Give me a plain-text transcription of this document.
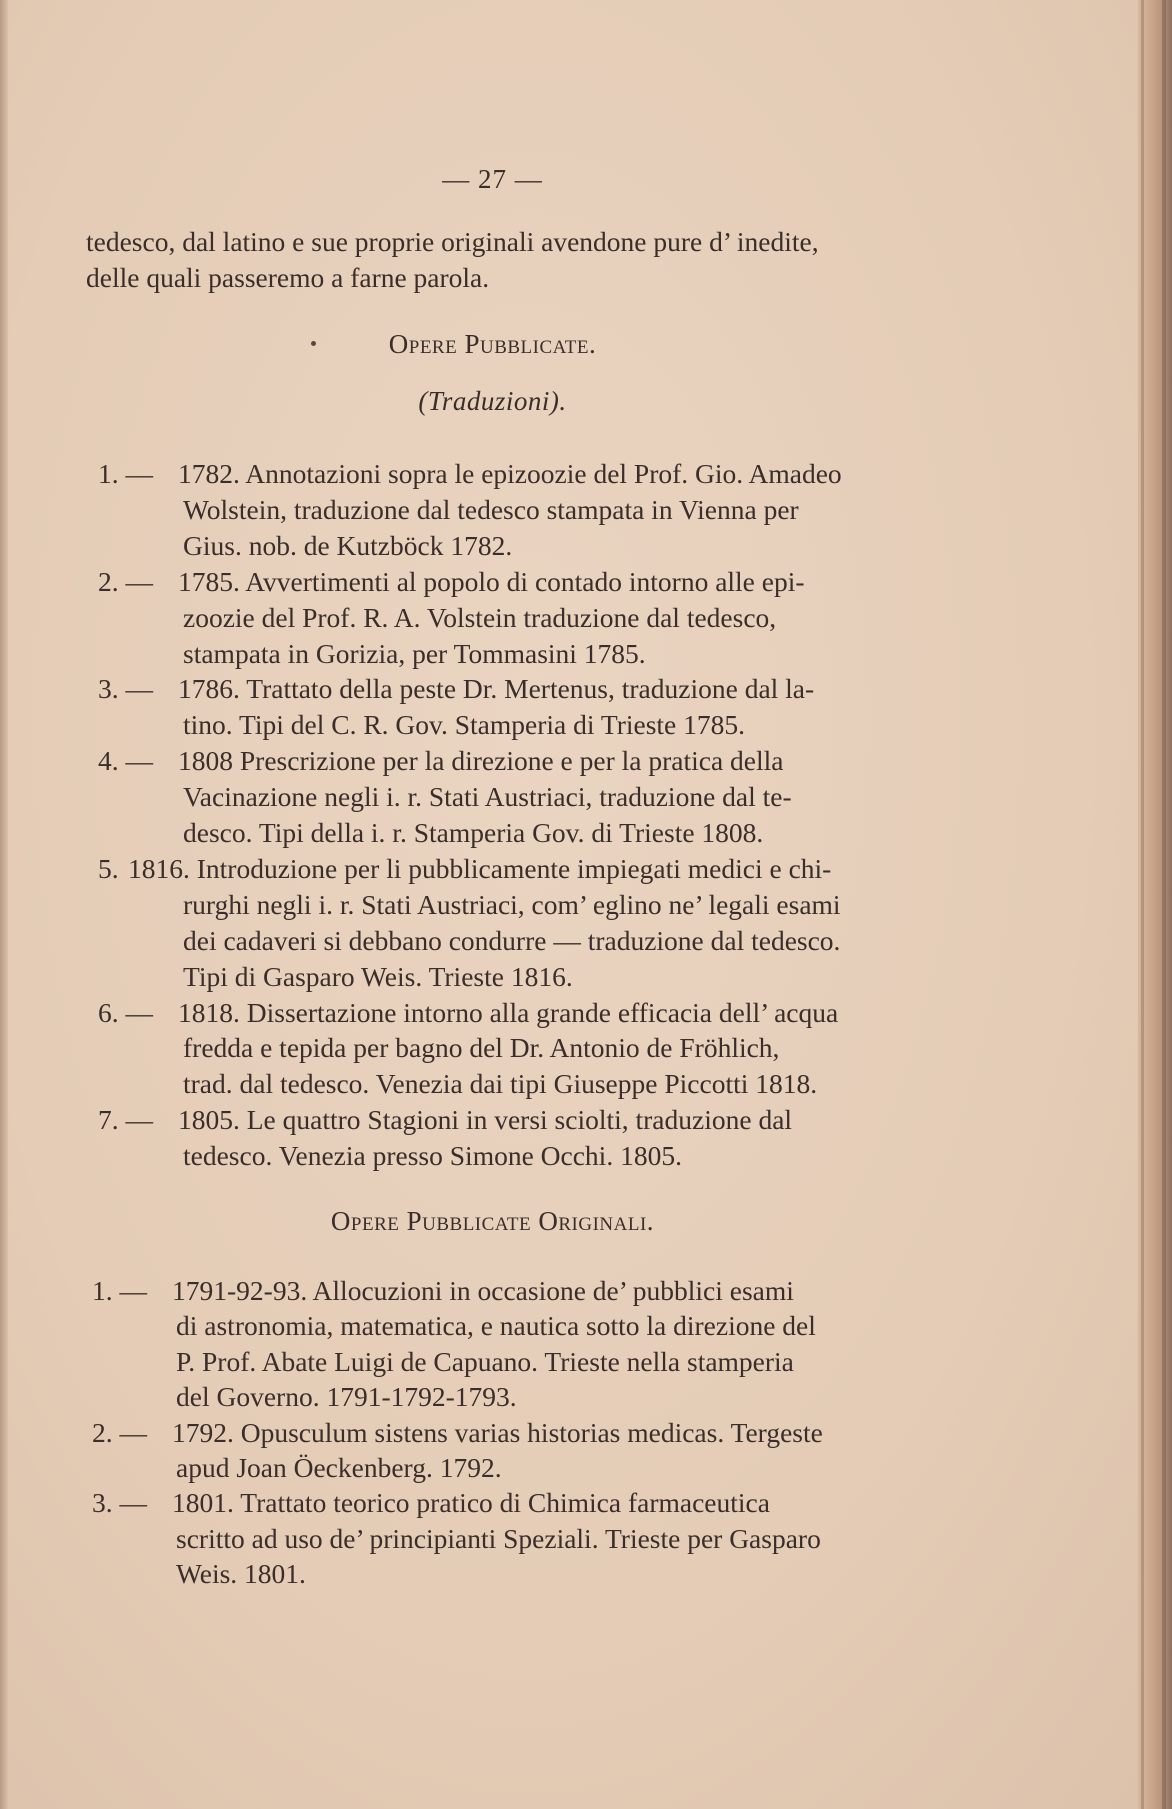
— 27 —
tedesco, dal latino e sue proprie originali avendone pure d’ inedite,
delle quali passeremo a farne parola.
Opere Pubblicate.
(Traduzioni).
1. — 1782. Annotazioni sopra le epizoozie del Prof. Gio. Amadeo
Wolstein, traduzione dal tedesco stampata in Vienna per
Gius. nob. de Kutzböck 1782.
2. — 1785. Avvertimenti al popolo di contado intorno alle epi-
zoozie del Prof. R. A. Volstein traduzione dal tedesco,
stampata in Gorizia, per Tommasini 1785.
3. — 1786. Trattato della peste Dr. Mertenus, traduzione dal la-
tino. Tipi del C. R. Gov. Stamperia di Trieste 1785.
4. — 1808 Prescrizione per la direzione e per la pratica della
Vacinazione negli i. r. Stati Austriaci, traduzione dal te-
desco. Tipi della i. r. Stamperia Gov. di Trieste 1808.
5. 1816. Introduzione per li pubblicamente impiegati medici e chi-
rurghi negli i. r. Stati Austriaci, com’ eglino ne’ legali esami
dei cadaveri si debbano condurre — traduzione dal tedesco.
Tipi di Gasparo Weis. Trieste 1816.
6. — 1818. Dissertazione intorno alla grande efficacia dell’ acqua
fredda e tepida per bagno del Dr. Antonio de Fröhlich,
trad. dal tedesco. Venezia dai tipi Giuseppe Piccotti 1818.
7. — 1805. Le quattro Stagioni in versi sciolti, traduzione dal
tedesco. Venezia presso Simone Occhi. 1805.
Opere Pubblicate Originali.
1. — 1791-92-93. Allocuzioni in occasione de’ pubblici esami
di astronomia, matematica, e nautica sotto la direzione del
P. Prof. Abate Luigi de Capuano. Trieste nella stamperia
del Governo. 1791-1792-1793.
2. — 1792. Opusculum sistens varias historias medicas. Tergeste
apud Joan Öeckenberg. 1792.
3. — 1801. Trattato teorico pratico di Chimica farmaceutica
scritto ad uso de’ principianti Speziali. Trieste per Gasparo
Weis. 1801.
